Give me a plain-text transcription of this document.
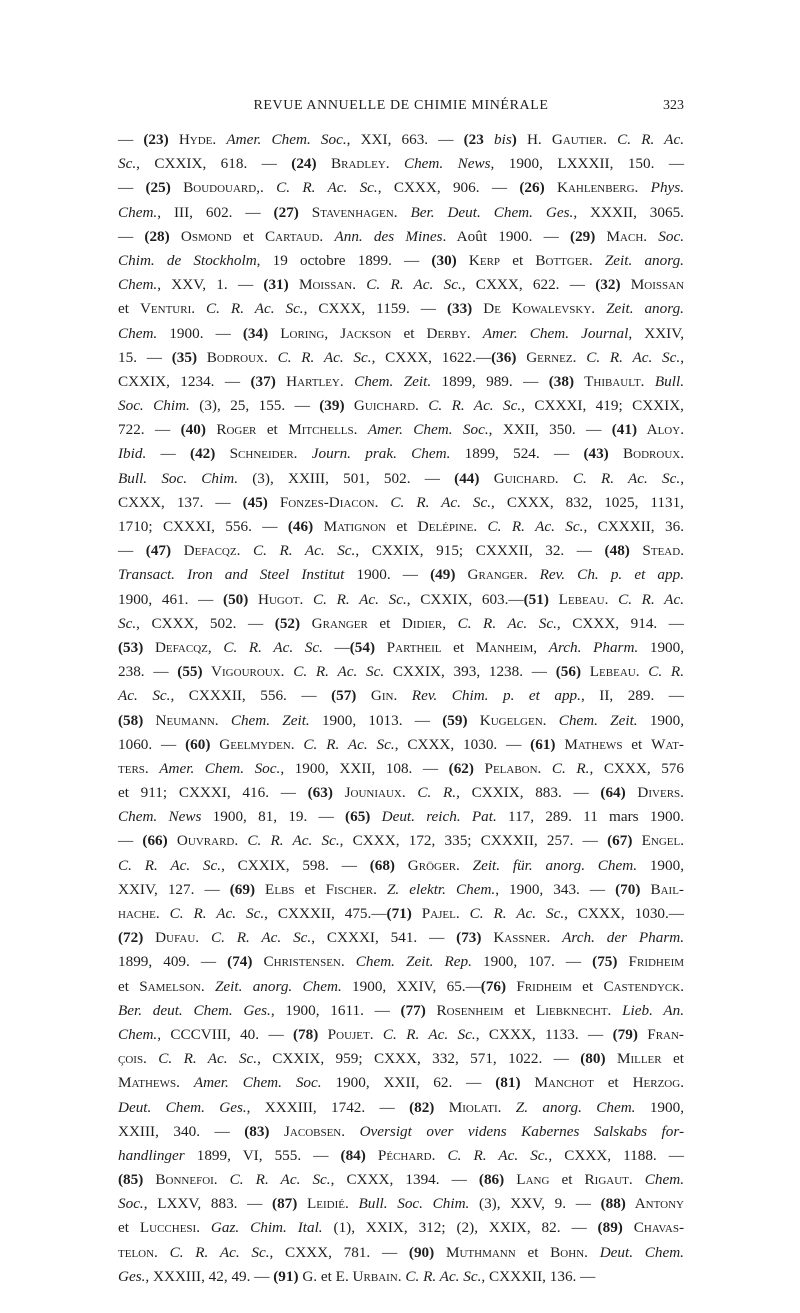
REVUE ANNUELLE DE CHIMIE MINÉRALE	323
— (23) Hyde. Amer. Chem. Soc., XXI, 663. — (23 bis) H. Gautier. C. R. Ac.
Sc., CXXIX, 618. — (24) Bradley. Chem. News, 1900, LXXXII, 150. —
— (25) Boudouard,. C. R. Ac. Sc., CXXX, 906. — (26) Kahlenberg. Phys.
Chem., III, 602. — (27) Stavenhagen. Ber. Deut. Chem. Ges., XXXII, 3065.
— (28) Osmond et Cartaud. Ann. des Mines. Août 1900. — (29) Mach. Soc.
Chim. de Stockholm, 19 octobre 1899. — (30) Kerp et Bottger. Zeit. anorg.
Chem., XXV, 1. — (31) Moissan. C. R. Ac. Sc., CXXX, 622. — (32) Moissan
et Venturi. C. R. Ac. Sc., CXXX, 1159. — (33) De Kowalevsky. Zeit. anorg.
Chem. 1900. — (34) Loring, Jackson et Derby. Amer. Chem. Journal, XXIV,
15. — (35) Bodroux. C. R. Ac. Sc., CXXX, 1622.—(36) Gernez. C. R. Ac. Sc.,
CXXIX, 1234. — (37) Hartley. Chem. Zeit. 1899, 989. — (38) Thibault. Bull.
Soc. Chim. (3), 25, 155. — (39) Guichard. C. R. Ac. Sc., CXXXI, 419; CXXIX,
722. — (40) Roger et Mitchells. Amer. Chem. Soc., XXII, 350. — (41) Aloy.
Ibid. — (42) Schneider. Journ. prak. Chem. 1899, 524. — (43) Bodroux.
Bull. Soc. Chim. (3), XXIII, 501, 502. — (44) Guichard. C. R. Ac. Sc.,
CXXX, 137. — (45) Fonzes-Diacon. C. R. Ac. Sc., CXXX, 832, 1025, 1131,
1710; CXXXI, 556. — (46) Matignon et Delépine. C. R. Ac. Sc., CXXXII, 36.
— (47) Defacqz. C. R. Ac. Sc., CXXIX, 915; CXXXII, 32. — (48) Stead.
Transact. Iron and Steel Institut 1900. — (49) Granger. Rev. Ch. p. et app.
1900, 461. — (50) Hugot. C. R. Ac. Sc., CXXIX, 603.—(51) Lebeau. C. R. Ac.
Sc., CXXX, 502. — (52) Granger et Didier, C. R. Ac. Sc., CXXX, 914. —
(53) Defacqz, C. R. Ac. Sc. —(54) Partheil et Manheim, Arch. Pharm. 1900,
238. — (55) Vigouroux. C. R. Ac. Sc. CXXIX, 393, 1238. — (56) Lebeau. C. R.
Ac. Sc., CXXXII, 556. — (57) Gin. Rev. Chim. p. et app., II, 289. —
(58) Neumann. Chem. Zeit. 1900, 1013. — (59) Kugelgen. Chem. Zeit. 1900,
1060. — (60) Geelmyden. C. R. Ac. Sc., CXXX, 1030. — (61) Mathews et Wat-
ters. Amer. Chem. Soc., 1900, XXII, 108. — (62) Pelabon. C. R., CXXX, 576
et 911; CXXXI, 416. — (63) Jouniaux. C. R., CXXIX, 883. — (64) Divers.
Chem. News 1900, 81, 19. — (65) Deut. reich. Pat. 117, 289. 11 mars 1900.
— (66) Ouvrard. C. R. Ac. Sc., CXXX, 172, 335; CXXXII, 257. — (67) Engel.
C. R. Ac. Sc., CXXIX, 598. — (68) Gröger. Zeit. für. anorg. Chem. 1900,
XXIV, 127. — (69) Elbs et Fischer. Z. elektr. Chem., 1900, 343. — (70) Bail-
hache. C. R. Ac. Sc., CXXXII, 475.—(71) Pajel. C. R. Ac. Sc., CXXX, 1030.—
(72) Dufau. C. R. Ac. Sc., CXXXI, 541. — (73) Kassner. Arch. der Pharm.
1899, 409. — (74) Christensen. Chem. Zeit. Rep. 1900, 107. — (75) Fridheim
et Samelson. Zeit. anorg. Chem. 1900, XXIV, 65.—(76) Fridheim et Castendyck.
Ber. deut. Chem. Ges., 1900, 1611. — (77) Rosenheim et Liebknecht. Lieb. An.
Chem., CCCVIII, 40. — (78) Poujet. C. R. Ac. Sc., CXXX, 1133. — (79) Fran-
çois. C. R. Ac. Sc., CXXIX, 959; CXXX, 332, 571, 1022. — (80) Miller et
Mathews. Amer. Chem. Soc. 1900, XXII, 62. — (81) Manchot et Herzog.
Deut. Chem. Ges., XXXIII, 1742. — (82) Miolati. Z. anorg. Chem. 1900,
XXIII, 340. — (83) Jacobsen. Oversigt over videns Kabernes Salskabs for-
handlinger 1899, VI, 555. — (84) Péchard. C. R. Ac. Sc., CXXX, 1188. —
(85) Bonnefoi. C. R. Ac. Sc., CXXX, 1394. — (86) Lang et Rigaut. Chem.
Soc., LXXV, 883. — (87) Leidié. Bull. Soc. Chim. (3), XXV, 9. — (88) Antony
et Lucchesi. Gaz. Chim. Ital. (1), XXIX, 312; (2), XXIX, 82. — (89) Chavas-
telon. C. R. Ac. Sc., CXXX, 781. — (90) Muthmann et Bohn. Deut. Chem.
Ges., XXXIII, 42, 49. — (91) G. et E. Urbain. C. R. Ac. Sc., CXXXII, 136. —
